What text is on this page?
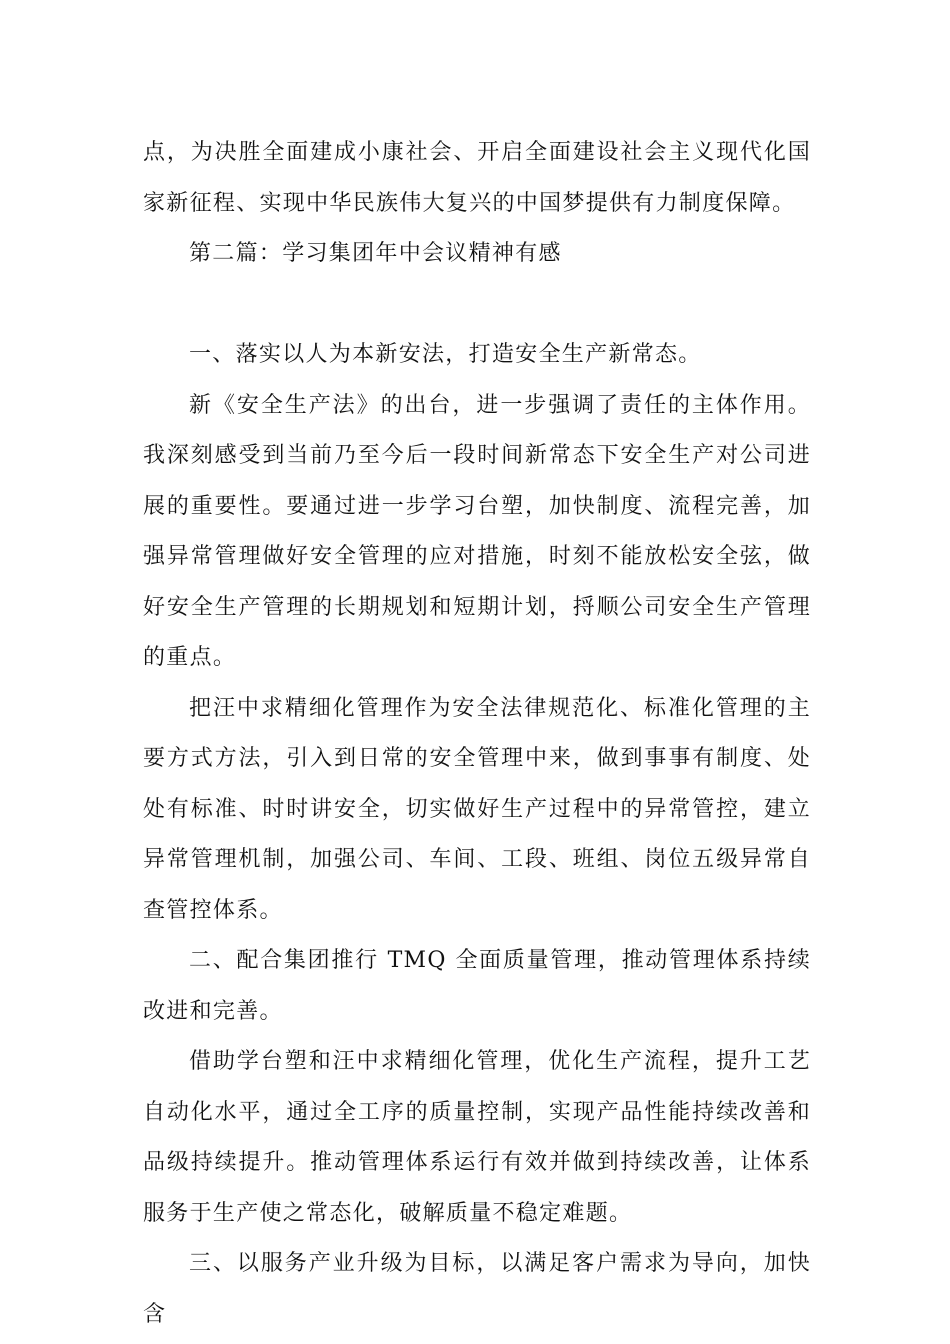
点，为决胜全面建成小康社会、开启全面建设社会主义现代化国家新征程、实现中华民族伟大复兴的中国梦提供有力制度保障。

第二篇：学习集团年中会议精神有感

一、落实以人为本新安法，打造安全生产新常态。

新《安全生产法》的出台，进一步强调了责任的主体作用。我深刻感受到当前乃至今后一段时间新常态下安全生产对公司进展的重要性。要通过进一步学习台塑，加快制度、流程完善，加强异常管理做好安全管理的应对措施，时刻不能放松安全弦，做好安全生产管理的长期规划和短期计划，捋顺公司安全生产管理的重点。

把汪中求精细化管理作为安全法律规范化、标准化管理的主要方式方法，引入到日常的安全管理中来，做到事事有制度、处处有标准、时时讲安全，切实做好生产过程中的异常管控，建立异常管理机制，加强公司、车间、工段、班组、岗位五级异常自查管控体系。

二、配合集团推行 TMQ 全面质量管理，推动管理体系持续改进和完善。

借助学台塑和汪中求精细化管理，优化生产流程，提升工艺自动化水平，通过全工序的质量控制，实现产品性能持续改善和品级持续提升。推动管理体系运行有效并做到持续改善，让体系服务于生产使之常态化，破解质量不稳定难题。

三、以服务产业升级为目标，以满足客户需求为导向，加快含
